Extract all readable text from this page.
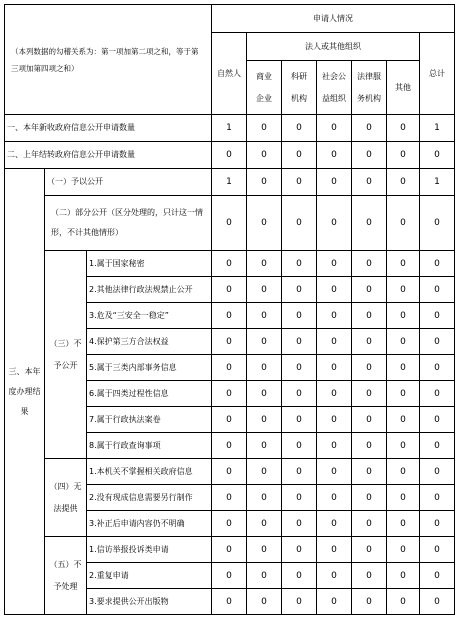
（本列数据的勾稽关系为：第一项加第二项之和，等于第三项加第四项之和）			申请人情况						
			自然人	法人或其他组织					总计
				商业企业	科研机构	社会公益组织	法律服务机构	其他	
一、本年新收政府信息公开申请数量			1	0	0	0	0	0	1
二、上年结转政府信息公开申请数量			0	0	0	0	0	0	0
三、本年度办理结果	（一）予以公开		1	0	0	0	0	0	1
	（二）部分公开（区分处理的，只计这一情形，不计其他情形）		0	0	0	0	0	0	0
	（三）不予公开	1.属于国家秘密	0	0	0	0	0	0	0
		2.其他法律行政法规禁止公开	0	0	0	0	0	0	0
		3.危及“三安全一稳定”	0	0	0	0	0	0	0
		4.保护第三方合法权益	0	0	0	0	0	0	0
		5.属于三类内部事务信息	0	0	0	0	0	0	0
		6.属于四类过程性信息	0	0	0	0	0	0	0
		7.属于行政执法案卷	0	0	0	0	0	0	0
		8.属于行政查询事项	0	0	0	0	0	0	0
	（四）无法提供	1.本机关不掌握相关政府信息	0	0	0	0	0	0	0
		2.没有现成信息需要另行制作	0	0	0	0	0	0	0
		3.补正后申请内容仍不明确	0	0	0	0	0	0	0
	（五）不予处理	1.信访举报投诉类申请	0	0	0	0	0	0	0
		2.重复申请	0	0	0	0	0	0	0
		3.要求提供公开出版物	0	0	0	0	0	0	0
